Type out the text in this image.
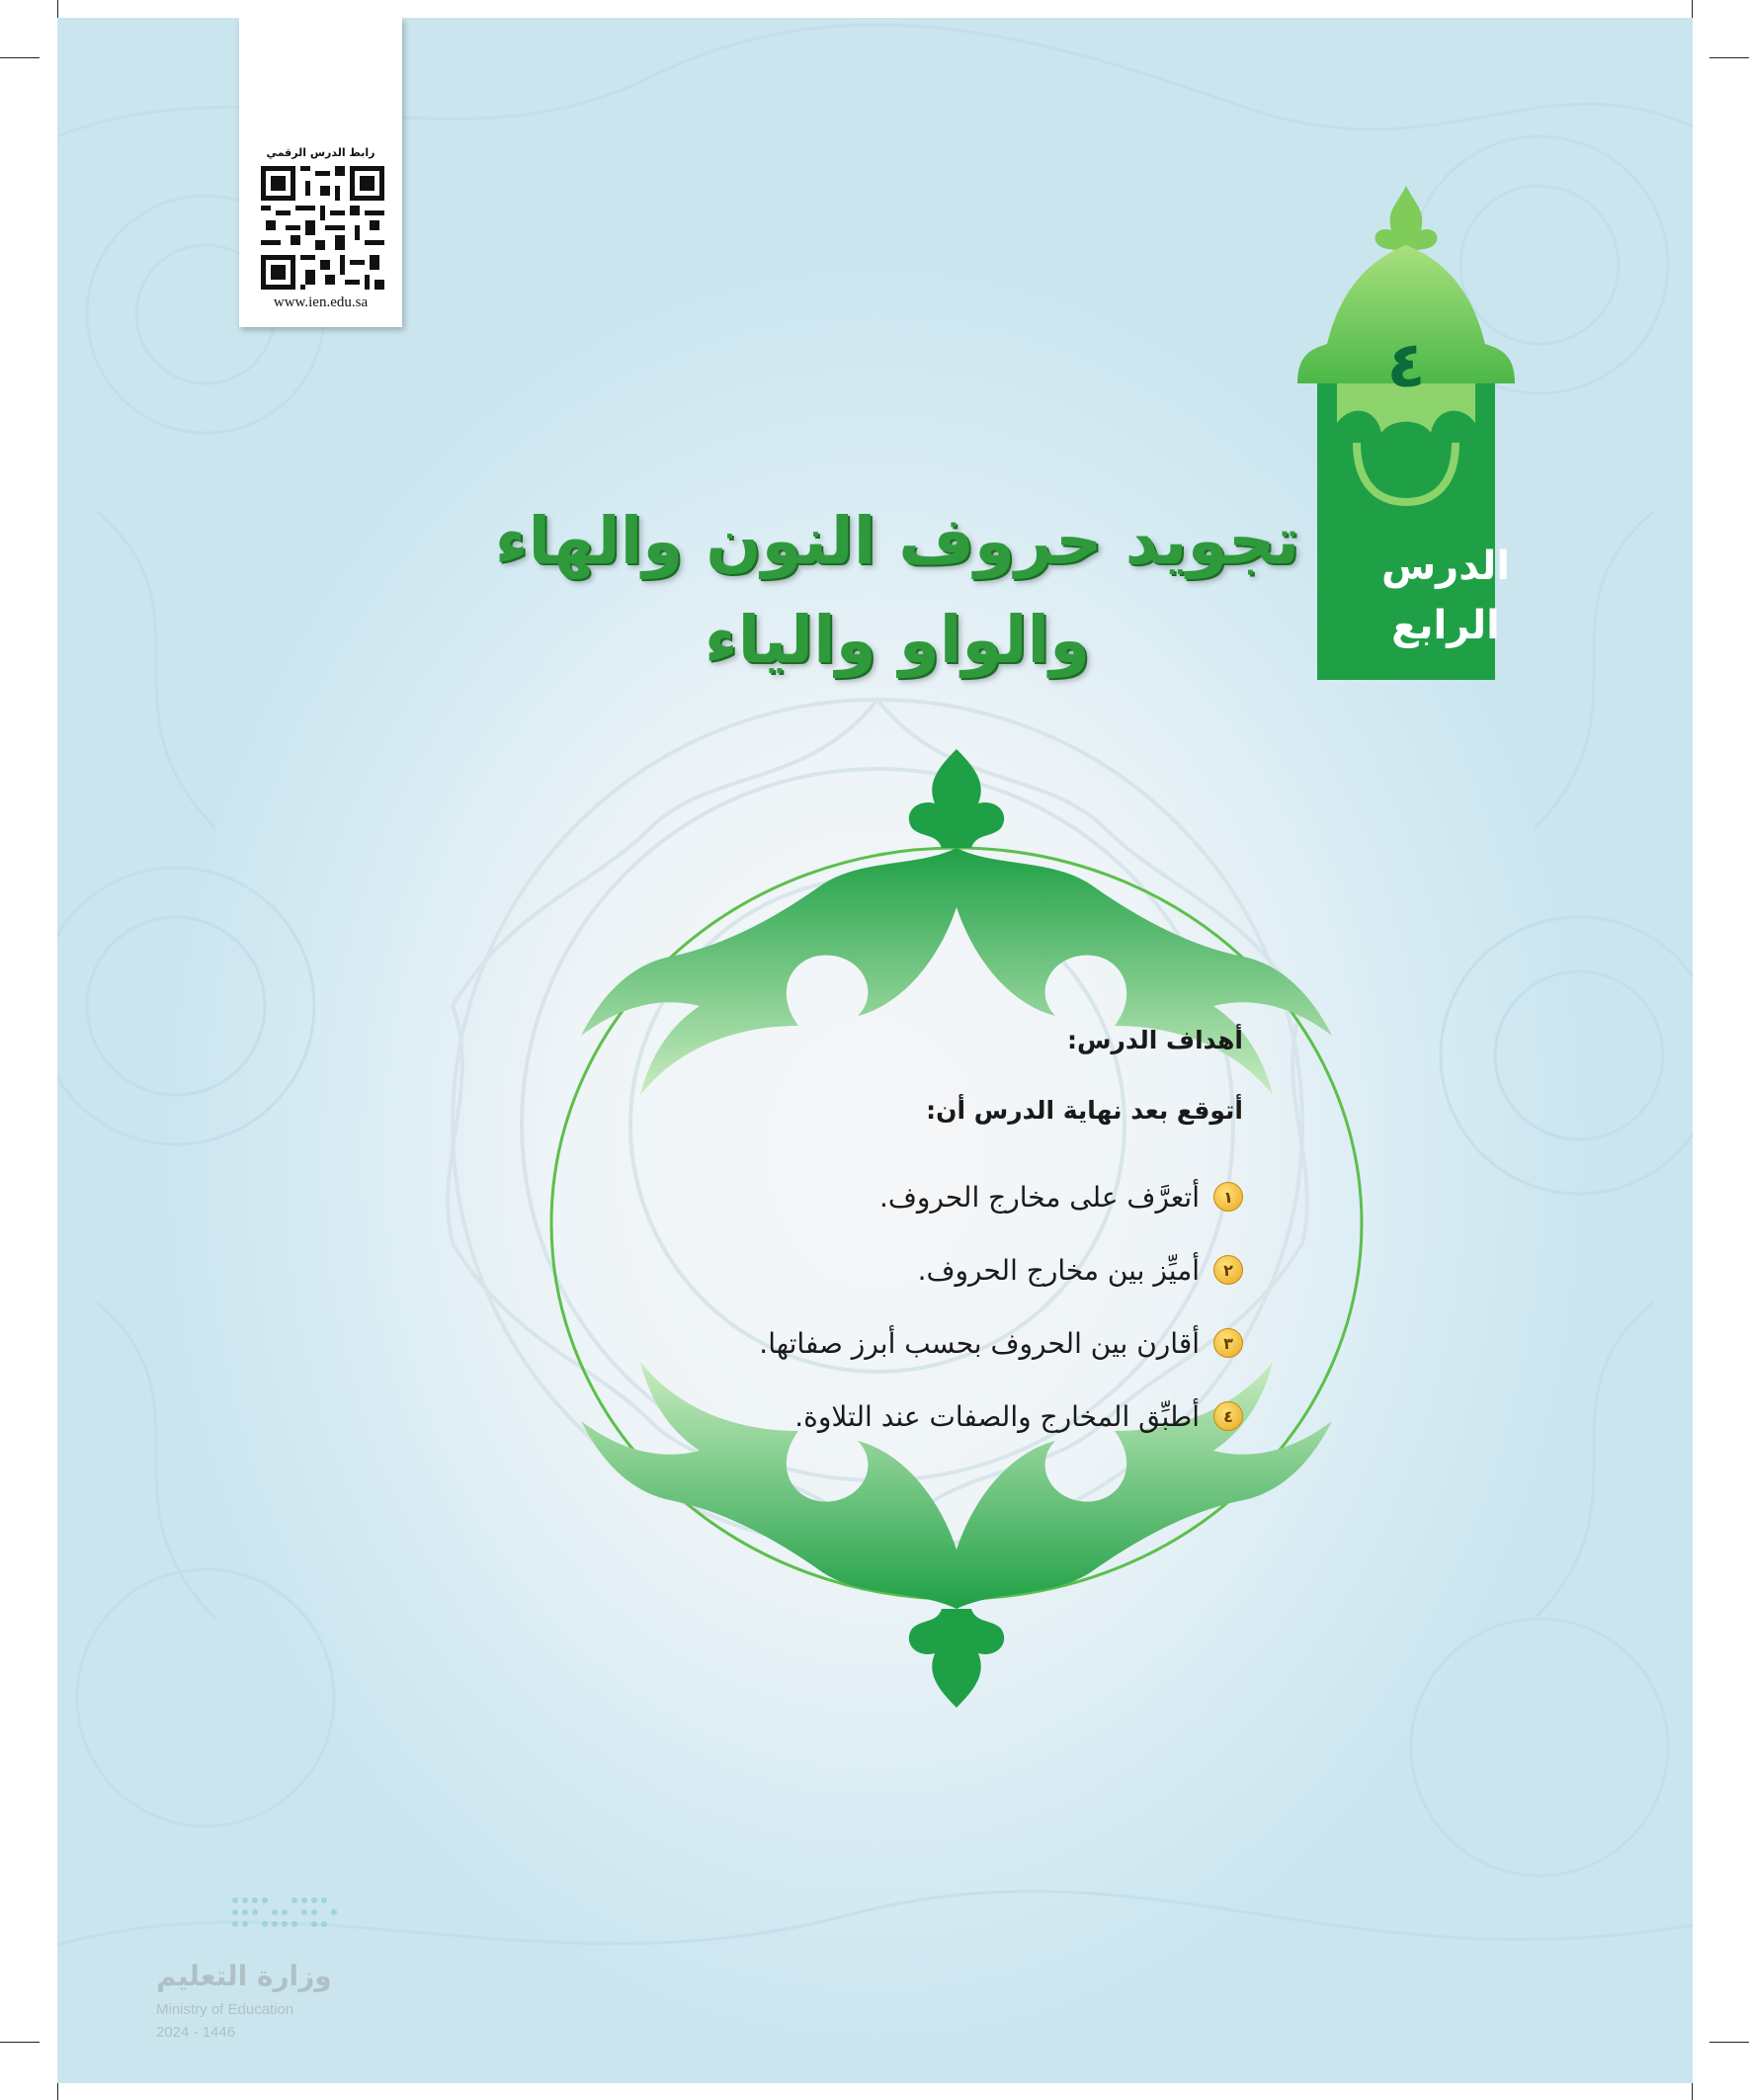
رابط الدرس الرقمي
www.ien.edu.sa
٤
الدرس
الرابع
تجويد حروف النون والهاء
والواو والياء
أهداف الدرس:
أتوقع بعد نهاية الدرس أن:
١
أتعرَّف على مخارج الحروف.
٢
أميِّز بين مخارج الحروف.
٣
أقارن بين الحروف بحسب أبرز صفاتها.
٤
أطبِّق المخارج والصفات عند التلاوة.
وزارة التعليم
Ministry of Education
2024 - 1446
